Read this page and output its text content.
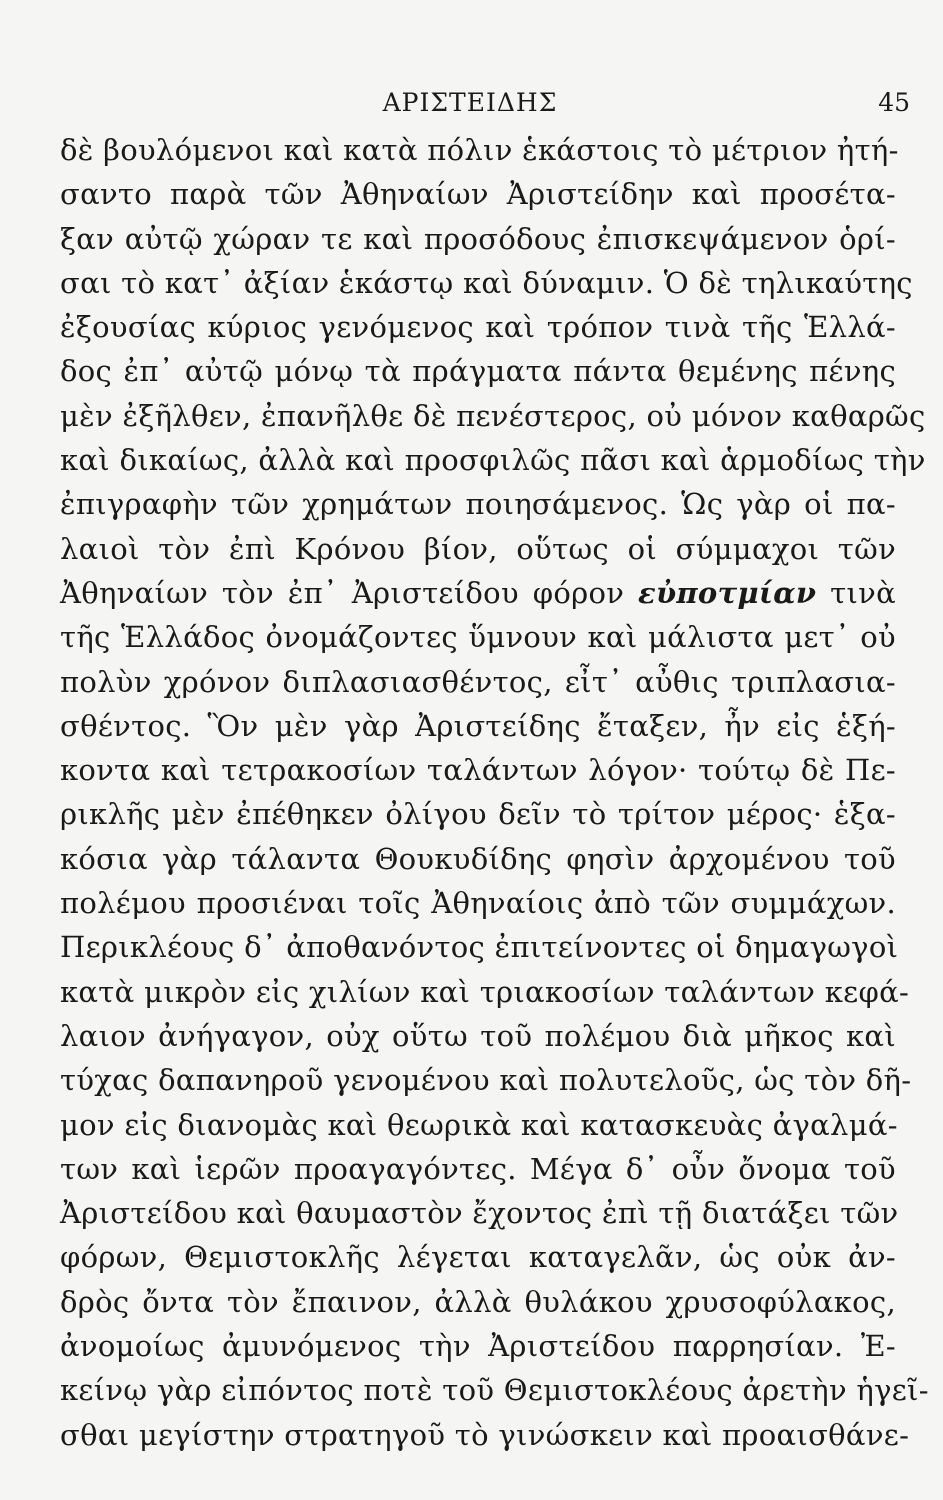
ΑΡΙΣΤΕΙΔΗΣ	45
δὲ βουλόμενοι καὶ κατὰ πόλιν ἑκάστοις τὸ μέτριον ἠτή-
σαντο παρὰ τῶν Ἀθηναίων Ἀριστείδην καὶ προσέτα-
ξαν αὐτῷ χώραν τε καὶ προσόδους ἐπισκεψάμενον ὁρί-
σαι τὸ κατ᾽ ἀξίαν ἑκάστῳ καὶ δύναμιν. Ὁ δὲ τηλικαύτης
ἐξουσίας κύριος γενόμενος καὶ τρόπον τινὰ τῆς Ἑλλά-
δος ἐπ᾽ αὐτῷ μόνῳ τὰ πράγματα πάντα θεμένης πένης
μὲν ἐξῆλθεν, ἐπανῆλθε δὲ πενέστερος, οὐ μόνον καθαρῶς
καὶ δικαίως, ἀλλὰ καὶ προσφιλῶς πᾶσι καὶ ἁρμοδίως τὴν
ἐπιγραφὴν τῶν χρημάτων ποιησάμενος. Ὡς γὰρ οἱ πα-
λαιοὶ τὸν ἐπὶ Κρόνου βίον, οὕτως οἱ σύμμαχοι τῶν
Ἀθηναίων τὸν ἐπ᾽ Ἀριστείδου φόρον εὐποτμίαν τινὰ
τῆς Ἑλλάδος ὀνομάζοντες ὕμνουν καὶ μάλιστα μετ᾽ οὐ
πολὺν χρόνον διπλασιασθέντος, εἶτ᾽ αὖθις τριπλασια-
σθέντος. Ὃν μὲν γὰρ Ἀριστείδης ἔταξεν, ἦν εἰς ἑξή-
κοντα καὶ τετρακοσίων ταλάντων λόγον· τούτῳ δὲ Πε-
ρικλῆς μὲν ἐπέθηκεν ὀλίγου δεῖν τὸ τρίτον μέρος· ἑξα-
κόσια γὰρ τάλαντα Θουκυδίδης φησὶν ἀρχομένου τοῦ
πολέμου προσιέναι τοῖς Ἀθηναίοις ἀπὸ τῶν συμμάχων.
Περικλέους δ᾽ ἀποθανόντος ἐπιτείνοντες οἱ δημαγωγοὶ
κατὰ μικρὸν εἰς χιλίων καὶ τριακοσίων ταλάντων κεφά-
λαιον ἀνήγαγον, οὐχ οὕτω τοῦ πολέμου διὰ μῆκος καὶ
τύχας δαπανηροῦ γενομένου καὶ πολυτελοῦς, ὡς τὸν δῆ-
μον εἰς διανομὰς καὶ θεωρικὰ καὶ κατασκευὰς ἀγαλμά-
των καὶ ἱερῶν προαγαγόντες. Μέγα δ᾽ οὖν ὄνομα τοῦ
Ἀριστείδου καὶ θαυμαστὸν ἔχοντος ἐπὶ τῇ διατάξει τῶν
φόρων, Θεμιστοκλῆς λέγεται καταγελᾶν, ὡς οὐκ ἀν-
δρὸς ὄντα τὸν ἔπαινον, ἀλλὰ θυλάκου χρυσοφύλακος,
ἀνομοίως ἀμυνόμενος τὴν Ἀριστείδου παρρησίαν. Ἐ-
κείνῳ γὰρ εἰπόντος ποτὲ τοῦ Θεμιστοκλέους ἀρετὴν ἡγεῖ-
σθαι μεγίστην στρατηγοῦ τὸ γινώσκειν καὶ προαισθάνε-
